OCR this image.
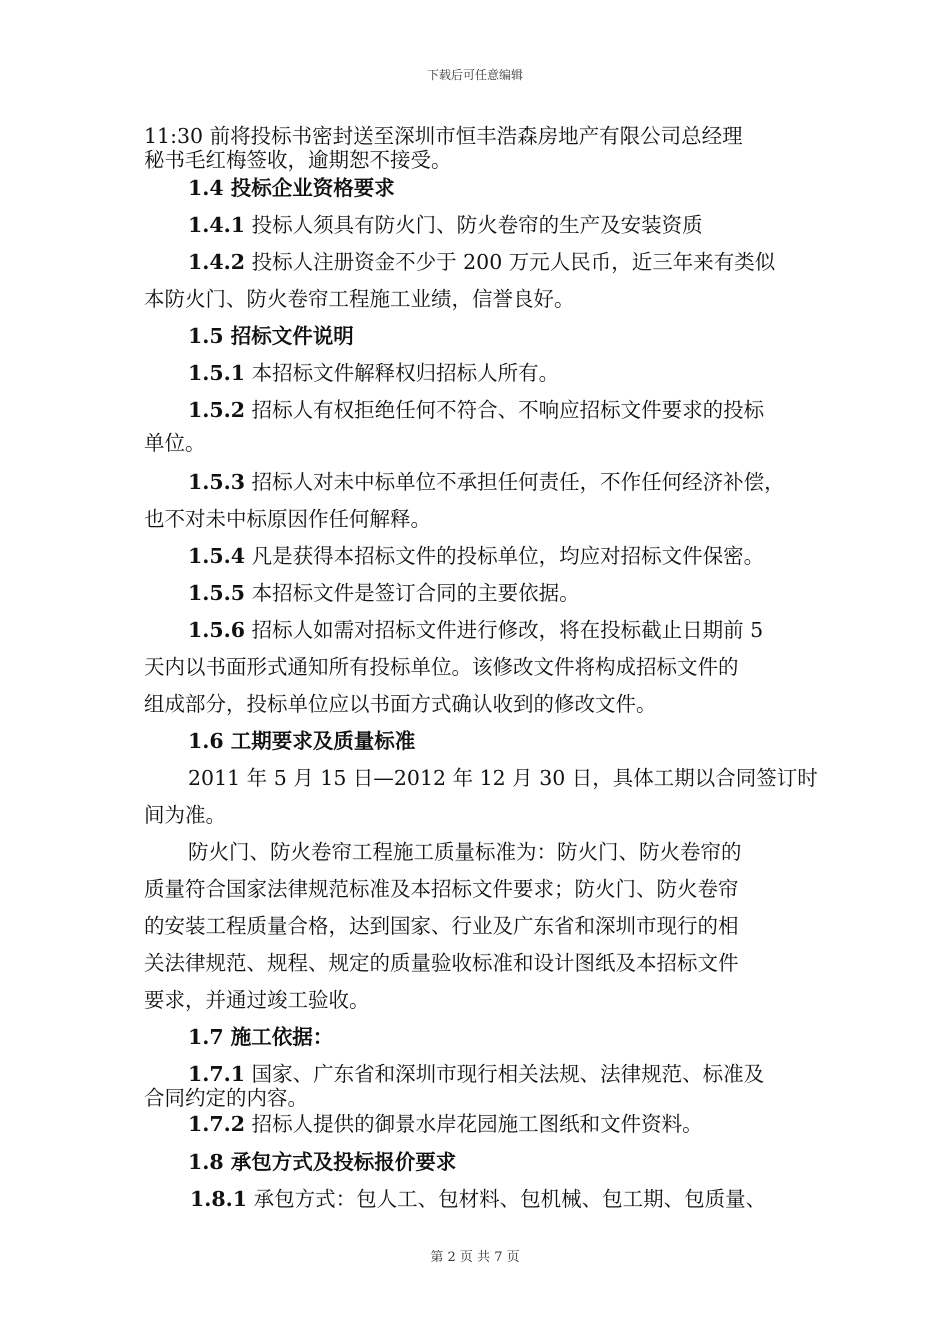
下载后可任意编辑
11:30 前将投标书密封送至深圳市恒丰浩森房地产有限公司总经理
秘书毛红梅签收，逾期恕不接受。
1.4 投标企业资格要求
1.4.1 投标人须具有防火门、防火卷帘的生产及安装资质
1.4.2 投标人注册资金不少于 200 万元人民币，近三年来有类似
本防火门、防火卷帘工程施工业绩，信誉良好。
1.5 招标文件说明
1.5.1 本招标文件解释权归招标人所有。
1.5.2 招标人有权拒绝任何不符合、不响应招标文件要求的投标
单位。
1.5.3 招标人对未中标单位不承担任何责任，不作任何经济补偿，
也不对未中标原因作任何解释。
1.5.4 凡是获得本招标文件的投标单位，均应对招标文件保密。
1.5.5 本招标文件是签订合同的主要依据。
1.5.6 招标人如需对招标文件进行修改，将在投标截止日期前 5
天内以书面形式通知所有投标单位。该修改文件将构成招标文件的
组成部分，投标单位应以书面方式确认收到的修改文件。
1.6 工期要求及质量标准
2011 年 5 月 15 日—2012 年 12 月 30 日，具体工期以合同签订时
间为准。
防火门、防火卷帘工程施工质量标准为：防火门、防火卷帘的
质量符合国家法律规范标准及本招标文件要求；防火门、防火卷帘
的安装工程质量合格，达到国家、行业及广东省和深圳市现行的相
关法律规范、规程、规定的质量验收标准和设计图纸及本招标文件
要求，并通过竣工验收。
1.7 施工依据：
1.7.1 国家、广东省和深圳市现行相关法规、法律规范、标准及
合同约定的内容。
1.7.2 招标人提供的御景水岸花园施工图纸和文件资料。
1.8 承包方式及投标报价要求
1.8.1 承包方式：包人工、包材料、包机械、包工期、包质量、
第 2 页 共 7 页
